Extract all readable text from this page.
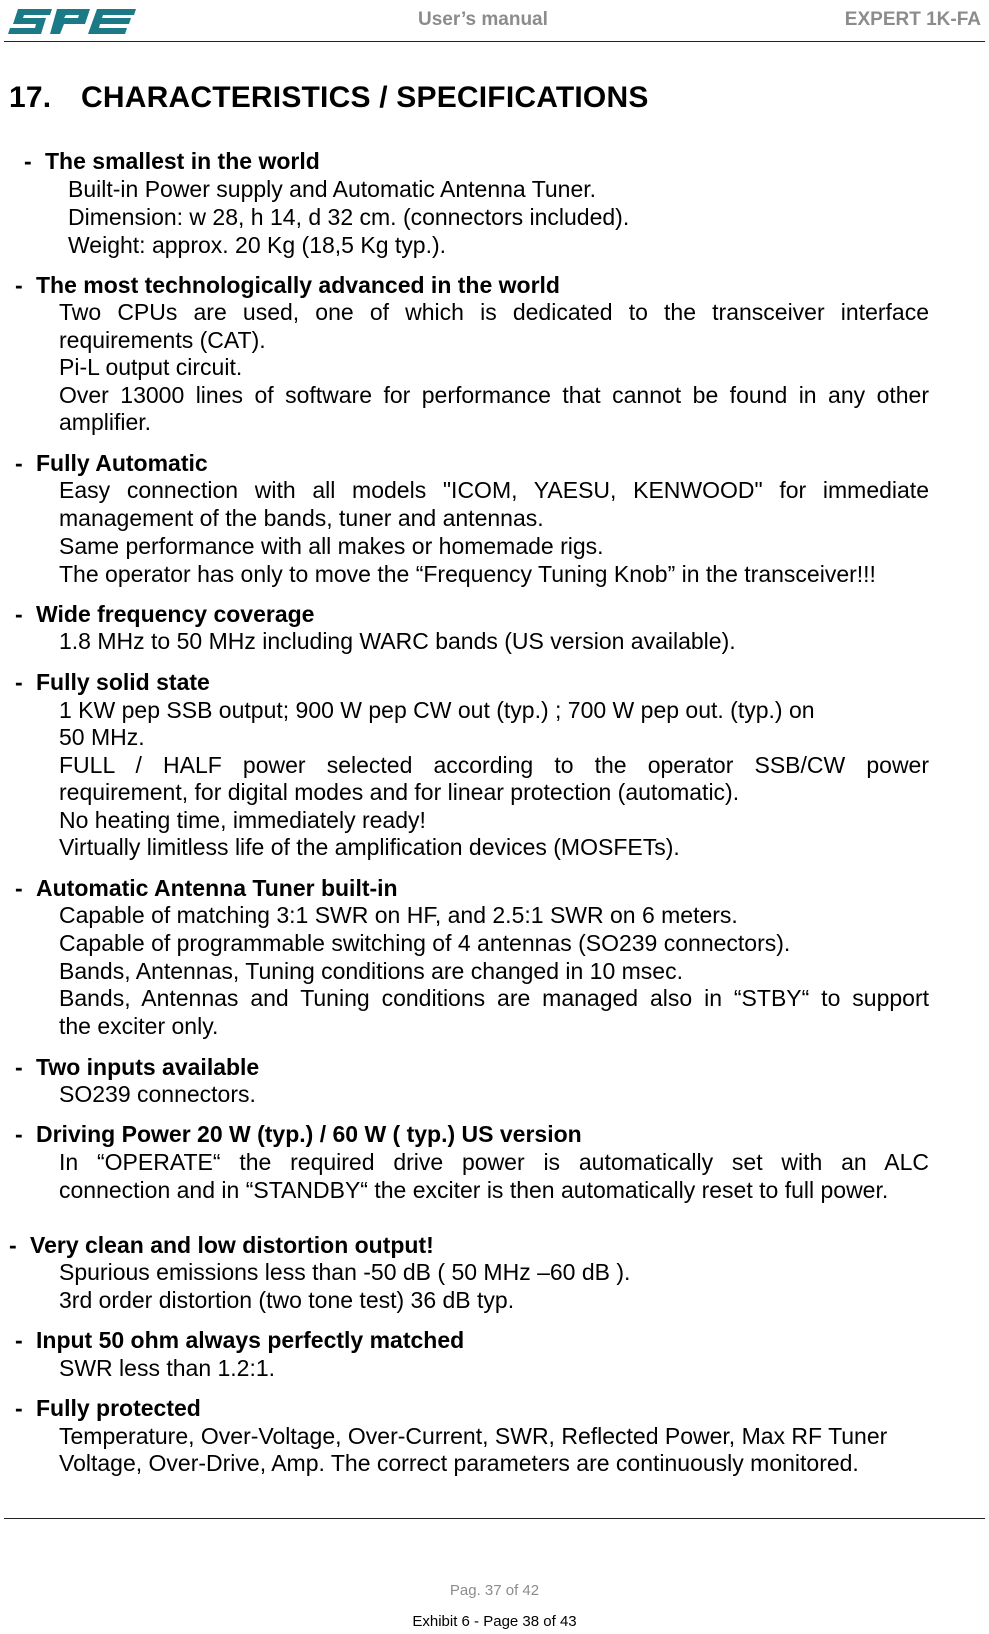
User’s manual	EXPERT 1K-FA
17. CHARACTERISTICS / SPECIFICATIONS
- The smallest in the world
Built-in Power supply and Automatic Antenna Tuner.
Dimension: w 28, h 14, d 32 cm. (connectors included).
Weight: approx. 20 Kg (18,5 Kg typ.).
- The most technologically advanced in the world
Two CPUs are used, one of which is dedicated to the transceiver interface
requirements (CAT).
Pi-L output circuit.
Over 13000 lines of software for performance that cannot be found in any other
amplifier.
- Fully Automatic
Easy connection with all models "ICOM, YAESU, KENWOOD" for immediate
management of the bands, tuner and antennas.
Same performance with all makes or homemade rigs.
The operator has only to move the “Frequency Tuning Knob” in the transceiver!!!
- Wide frequency coverage
1.8 MHz to 50 MHz including WARC bands (US version available).
- Fully solid state
1 KW pep SSB output; 900 W pep CW out (typ.) ; 700 W pep out. (typ.) on
50 MHz.
FULL / HALF power selected according to the operator SSB/CW power
requirement, for digital modes and for linear protection (automatic).
No heating time, immediately ready!
Virtually limitless life of the amplification devices (MOSFETs).
- Automatic Antenna Tuner built-in
Capable of matching 3:1 SWR on HF, and 2.5:1 SWR on 6 meters.
Capable of programmable switching of 4 antennas (SO239 connectors).
Bands, Antennas, Tuning conditions are changed in 10 msec.
Bands, Antennas and Tuning conditions are managed also in “STBY“ to support
the exciter only.
- Two inputs available
SO239 connectors.
- Driving Power 20 W (typ.) / 60 W ( typ.) US version
In “OPERATE“ the required drive power is automatically set with an ALC
connection and in “STANDBY“ the exciter is then automatically reset to full power.
- Very clean and low distortion output!
Spurious emissions less than -50 dB ( 50 MHz –60 dB ).
3rd order distortion (two tone test) 36 dB typ.
- Input 50 ohm always perfectly matched
SWR less than 1.2:1.
- Fully protected
Temperature, Over-Voltage, Over-Current, SWR, Reflected Power, Max RF Tuner
Voltage, Over-Drive, Amp. The correct parameters are continuously monitored.
Pag. 37 of 42
Exhibit 6 - Page 38 of 43
